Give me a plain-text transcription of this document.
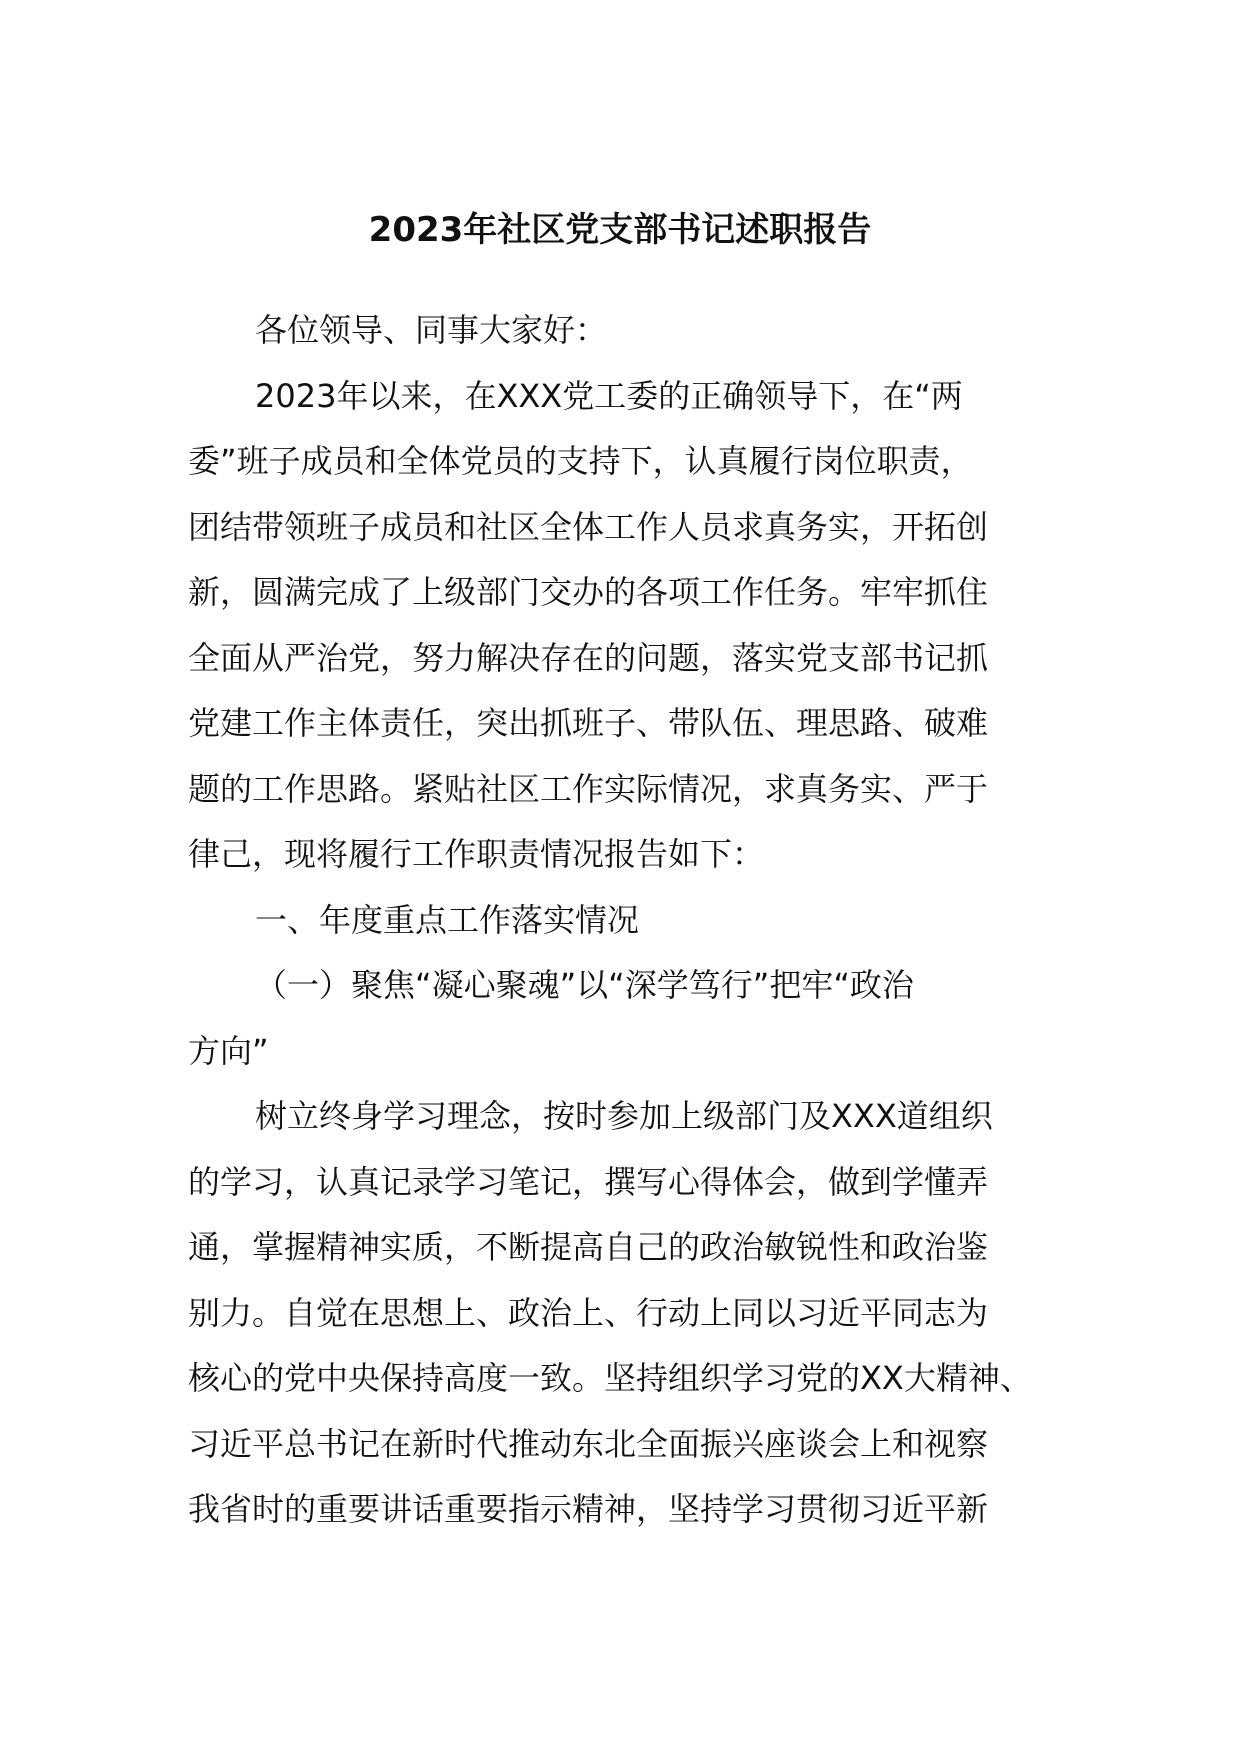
2023年社区党支部书记述职报告
各位领导、同事大家好：
2023年以来，在XXX党工委的正确领导下，在“两
委”班子成员和全体党员的支持下，认真履行岗位职责，
团结带领班子成员和社区全体工作人员求真务实，开拓创
新，圆满完成了上级部门交办的各项工作任务。牢牢抓住
全面从严治党，努力解决存在的问题，落实党支部书记抓
党建工作主体责任，突出抓班子、带队伍、理思路、破难
题的工作思路。紧贴社区工作实际情况，求真务实、严于
律己，现将履行工作职责情况报告如下：
一、年度重点工作落实情况
（一）聚焦“凝心聚魂”以“深学笃行”把牢“政治
方向”
树立终身学习理念，按时参加上级部门及XXX道组织
的学习，认真记录学习笔记，撰写心得体会，做到学懂弄
通，掌握精神实质，不断提高自己的政治敏锐性和政治鉴
别力。自觉在思想上、政治上、行动上同以习近平同志为
核心的党中央保持高度一致。坚持组织学习党的XX大精神、
习近平总书记在新时代推动东北全面振兴座谈会上和视察
我省时的重要讲话重要指示精神，坚持学习贯彻习近平新
